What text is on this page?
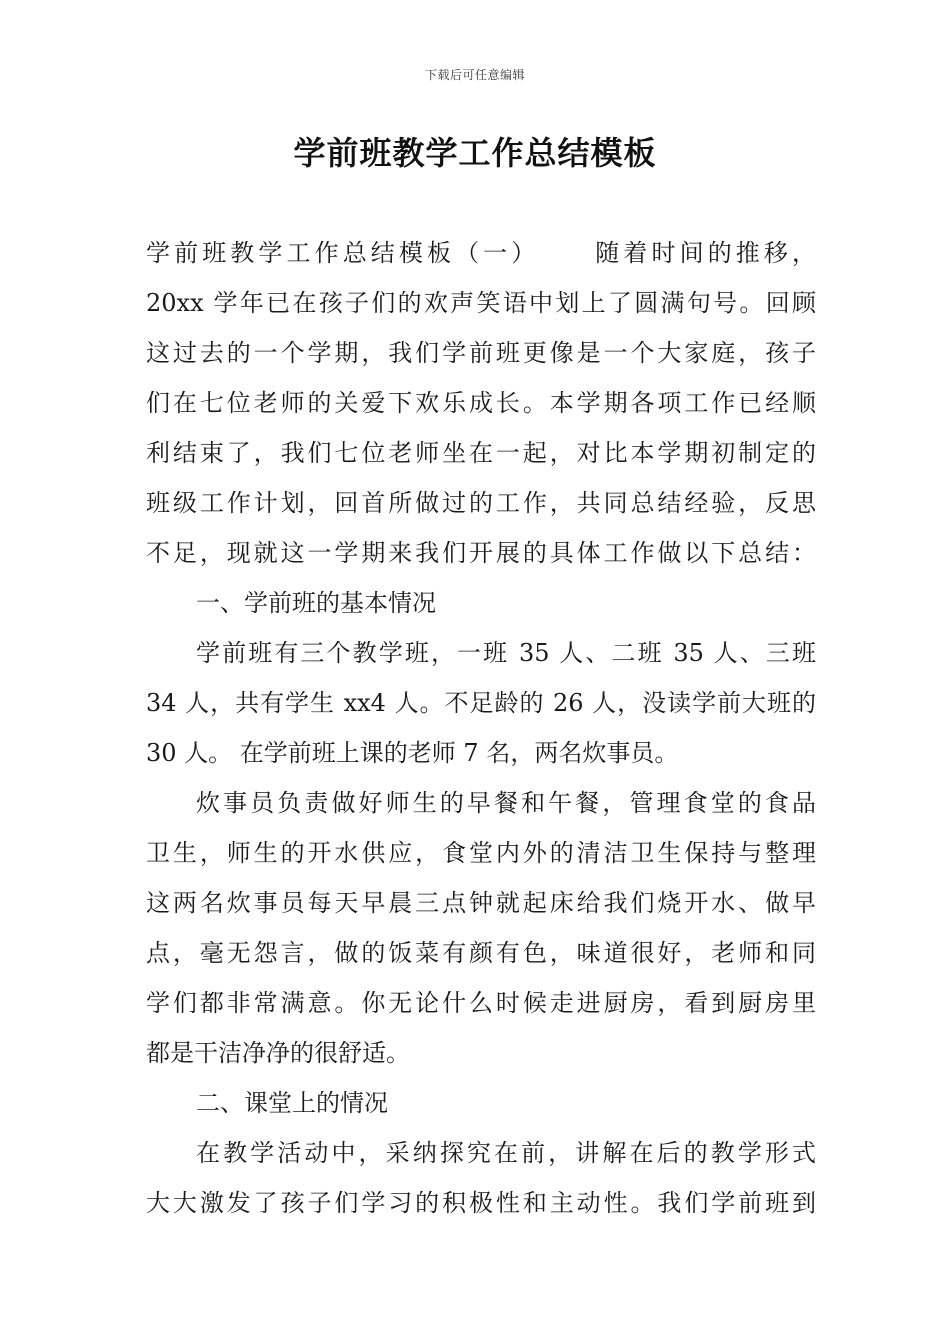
下载后可任意编辑
学前班教学工作总结模板
学前班教学工作总结模板（一）　　 随着时间的推移，
20xx 学年已在孩子们的欢声笑语中划上了圆满句号。回顾
这过去的一个学期，我们学前班更像是一个大家庭，孩子
们在七位老师的关爱下欢乐成长。本学期各项工作已经顺
利结束了，我们七位老师坐在一起，对比本学期初制定的
班级工作计划，回首所做过的工作，共同总结经验，反思
不足，现就这一学期来我们开展的具体工作做以下总结：
一、学前班的基本情况
学前班有三个教学班，一班 35 人、二班 35 人、三班
34 人，共有学生 xx4 人。不足龄的 26 人，没读学前大班的
30 人。 在学前班上课的老师 7 名，两名炊事员。
炊事员负责做好师生的早餐和午餐，管理食堂的食品
卫生，师生的开水供应，食堂内外的清洁卫生保持与整理
这两名炊事员每天早晨三点钟就起床给我们烧开水、做早
点，毫无怨言，做的饭菜有颜有色，味道很好，老师和同
学们都非常满意。你无论什么时候走进厨房，看到厨房里
都是干洁净净的很舒适。
二、课堂上的情况
在教学活动中，采纳探究在前，讲解在后的教学形式
大大激发了孩子们学习的积极性和主动性。我们学前班到
